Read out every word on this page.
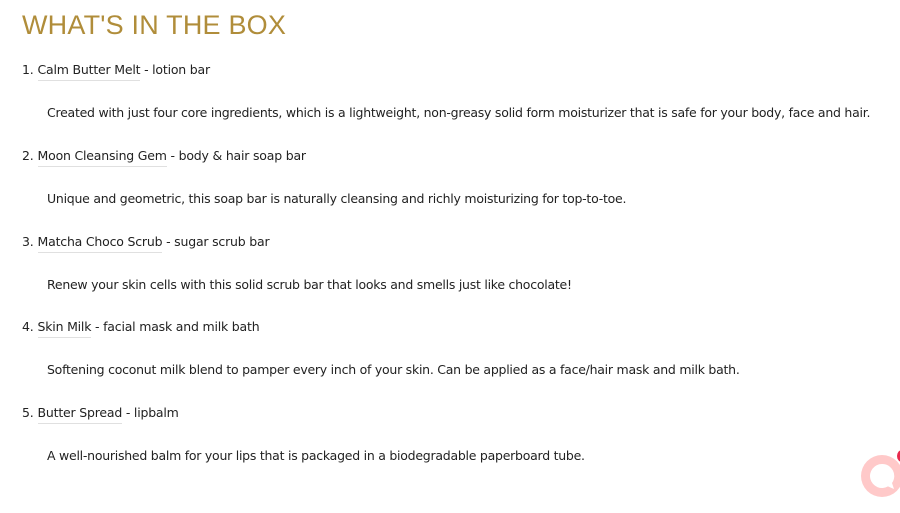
WHAT'S IN THE BOX
1. Calm Butter Melt - lotion bar
Created with just four core ingredients, which is a lightweight, non-greasy solid form moisturizer that is safe for your body, face and hair.
2. Moon Cleansing Gem - body & hair soap bar
Unique and geometric, this soap bar is naturally cleansing and richly moisturizing for top-to-toe.
3. Matcha Choco Scrub - sugar scrub bar
Renew your skin cells with this solid scrub bar that looks and smells just like chocolate!
4. Skin Milk - facial mask and milk bath
Softening coconut milk blend to pamper every inch of your skin. Can be applied as a face/hair mask and milk bath.
5. Butter Spread - lipbalm
A well-nourished balm for your lips that is packaged in a biodegradable paperboard tube.
